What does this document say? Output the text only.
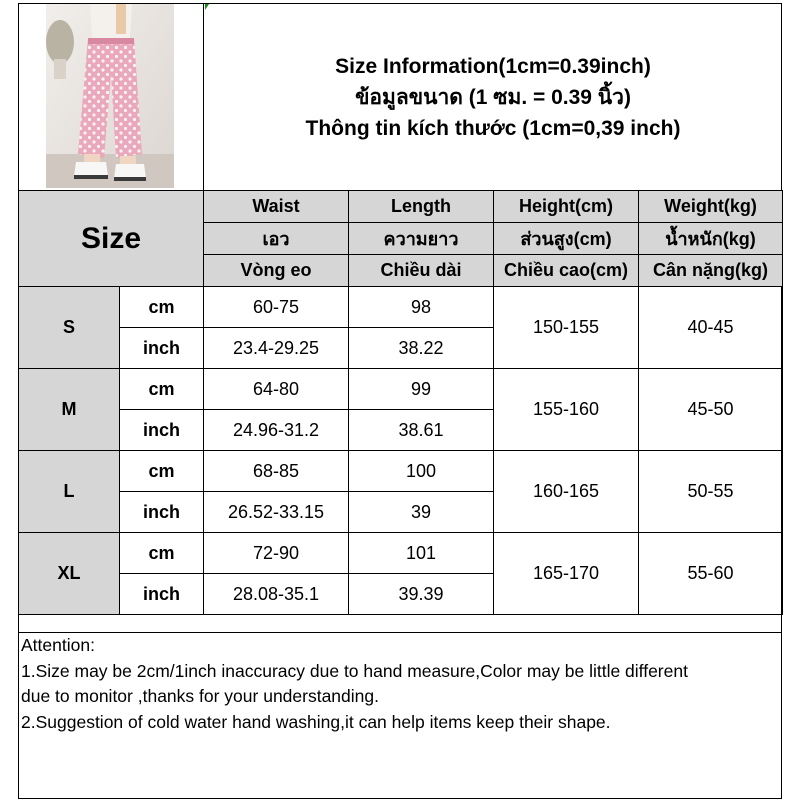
Size Information(1cm=0.39inch)
ข้อมูลขนาด (1 ซม. = 0.39 นิ้ว)
Thông tin kích thước (1cm=0,39 inch)
Size		Waist	Length	Height(cm)	Weight(kg)
		เอว	ความยาว	ส่วนสูง(cm)	น้ำหนัก(kg)
		Vòng eo	Chiều dài	Chiều cao(cm)	Cân nặng(kg)
S	cm	60-75	98	150-155	40-45
	inch	23.4-29.25	38.22		
M	cm	64-80	99	155-160	45-50
	inch	24.96-31.2	38.61		
L	cm	68-85	100	160-165	50-55
	inch	26.52-33.15	39		
XL	cm	72-90	101	165-170	55-60
	inch	28.08-35.1	39.39		
Attention:
1.Size may be 2cm/1inch inaccuracy due to hand measure,Color may be little different
due to monitor ,thanks for your understanding.
2.Suggestion of cold water hand washing,it can help items keep their shape.
